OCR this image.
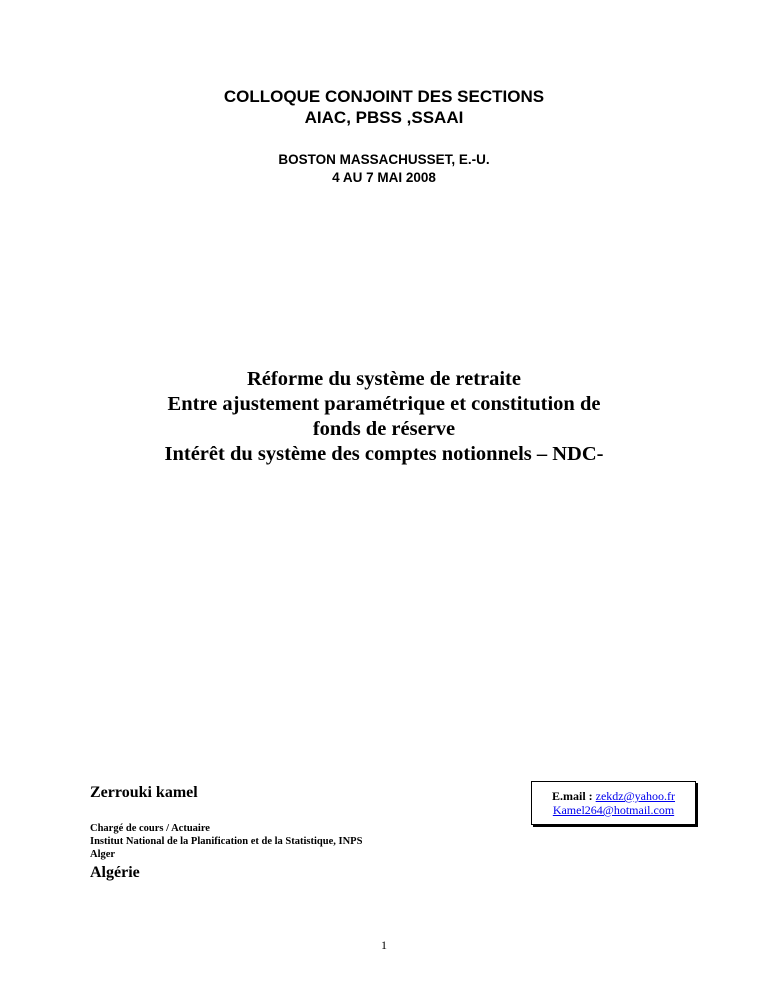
COLLOQUE CONJOINT DES SECTIONS
AIAC, PBSS ,SSAAI
BOSTON MASSACHUSSET, E.-U.
4 AU 7 MAI 2008
Réforme du système de retraite
Entre ajustement paramétrique et constitution de
fonds de réserve
Intérêt du système des comptes notionnels – NDC-
Zerrouki kamel	E.mail : zekdz@yahoo.fr
Kamel264@hotmail.com
Chargé de cours / Actuaire
Institut National de la Planification et de la Statistique, INPS
Alger
Algérie
1
